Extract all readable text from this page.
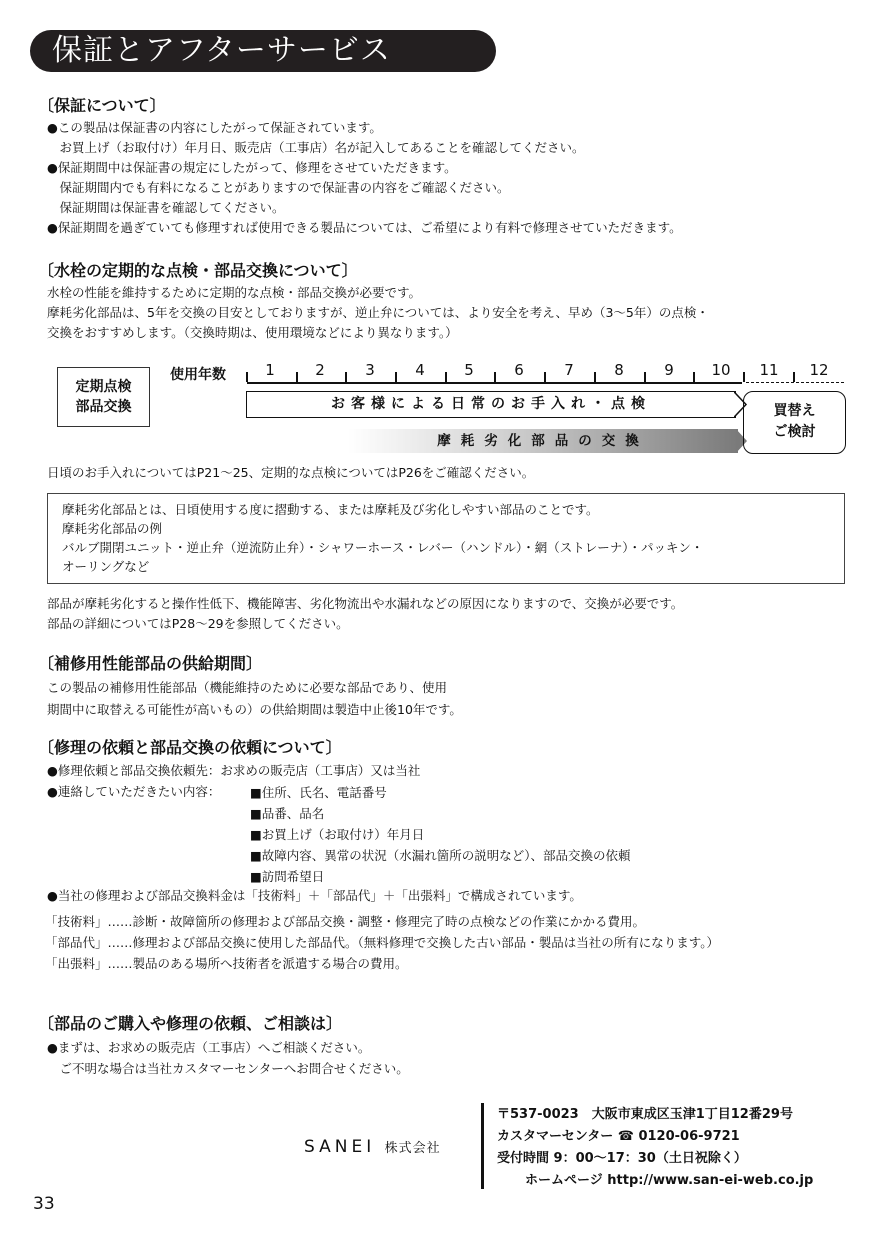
保証とアフターサービス
〔保証について〕
●この製品は保証書の内容にしたがって保証されています。
　お買上げ（お取付け）年月日、販売店（工事店）名が記入してあることを確認してください。
●保証期間中は保証書の規定にしたがって、修理をさせていただきます。
　保証期間内でも有料になることがありますので保証書の内容をご確認ください。
　保証期間は保証書を確認してください。
●保証期間を過ぎていても修理すれば使用できる製品については、ご希望により有料で修理させていただきます。
〔水栓の定期的な点検・部品交換について〕
水栓の性能を維持するために定期的な点検・部品交換が必要です。
摩耗劣化部品は、5年を交換の目安としておりますが、逆止弁については、より安全を考え、早め（3〜5年）の点検・
交換をおすすめします。（交換時期は、使用環境などにより異なります。）
定期点検
部品交換
使用年数	1	2	3	4	5	6	7	8	9	10 11 12
お客様による日常のお手入れ・点検
摩耗劣化部品の交換
買替え
ご検討
日頃のお手入れについてはP21〜25、定期的な点検についてはP26をご確認ください。
摩耗劣化部品とは、日頃使用する度に摺動する、または摩耗及び劣化しやすい部品のことです。
摩耗劣化部品の例
バルブ開閉ユニット・逆止弁（逆流防止弁）・シャワーホース・レバー（ハンドル）・網（ストレーナ）・パッキン・
オーリングなど
部品が摩耗劣化すると操作性低下、機能障害、劣化物流出や水漏れなどの原因になりますので、交換が必要です。
部品の詳細についてはP28〜29を参照してください。
〔補修用性能部品の供給期間〕
この製品の補修用性能部品（機能維持のために必要な部品であり、使用
期間中に取替える可能性が高いもの）の供給期間は製造中止後10年です。
〔修理の依頼と部品交換の依頼について〕
●修理依頼と部品交換依頼先：お求めの販売店（工事店）又は当社
●連絡していただきたい内容： ■住所、氏名、電話番号
■品番、品名
■お買上げ（お取付け）年月日
■故障内容、異常の状況（水漏れ箇所の説明など）、部品交換の依頼
■訪問希望日
●当社の修理および部品交換料金は「技術料」＋「部品代」＋「出張料」で構成されています。
「技術料」……診断・故障箇所の修理および部品交換・調整・修理完了時の点検などの作業にかかる費用。
「部品代」……修理および部品交換に使用した部品代。（無料修理で交換した古い部品・製品は当社の所有になります。）
「出張料」……製品のある場所へ技術者を派遣する場合の費用。
〔部品のご購入や修理の依頼、ご相談は〕
●まずは、お求めの販売店（工事店）へご相談ください。
　ご不明な場合は当社カスタマーセンターへお問合せください。
SANEI 株式会社
〒537-0023　大阪市東成区玉津1丁目12番29号
カスタマーセンター ☎ 0120-06-9721
受付時間 9：00〜17：30（土日祝除く）
ホームページ http://www.san-ei-web.co.jp
33
